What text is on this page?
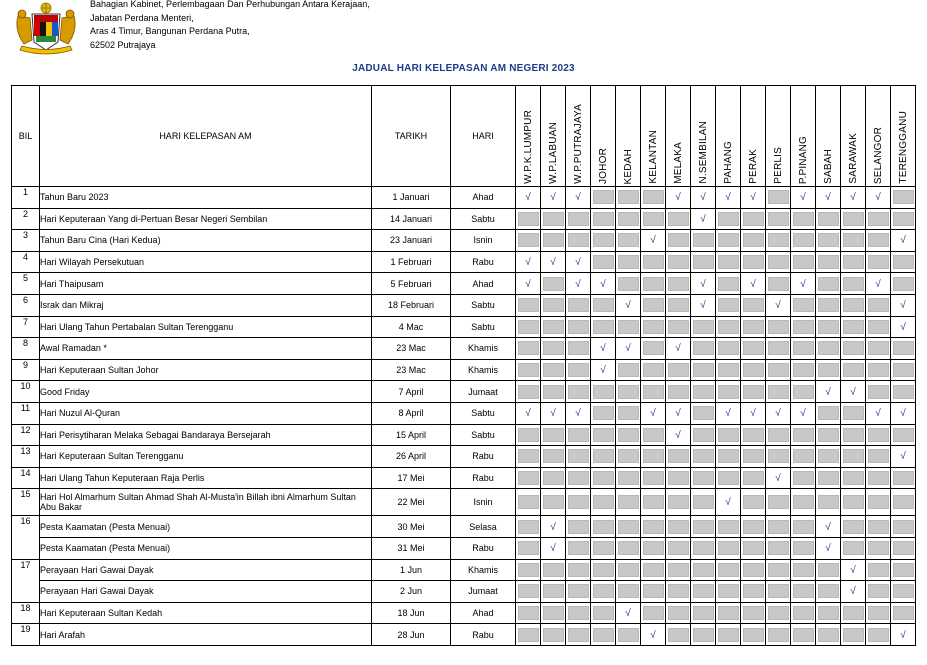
Bahagian Kabinet, Perlembagaan Dan Perhubungan Antara Kerajaan,
Jabatan Perdana Menteri,
Aras 4 Timur, Bangunan Perdana Putra,
62502 Putrajaya
JADUAL HARI KELEPASAN AM NEGERI 2023
BIL	HARI KELEPASAN AM	TARIKH	HARI	W.P.K.LUMPUR	W.P.LABUAN	W.P.PUTRAJAYA	JOHOR	KEDAH	KELANTAN	MELAKA	N.SEMBILAN	PAHANG	PERAK	PERLIS	P.PINANG	SABAH	SARAWAK	SELANGOR	TERENGGANU
1	Tahun Baru 2023	1 Januari	Ahad	√	√	√				√	√	√	√		√	√	√	√	

2	Hari Keputeraan Yang di-Pertuan Besar Negeri Sembilan	14 Januari	Sabtu								√								

3	Tahun Baru Cina (Hari Kedua)	23 Januari	Isnin						√										√

4	Hari Wilayah Persekutuan	1 Februari	Rabu	√	√	√													

5	Hari Thaipusam	5 Februari	Ahad	√		√	√				√		√		√			√	

6	Israk dan Mikraj	18 Februari	Sabtu					√			√			√					√

7	Hari Ulang Tahun Pertabalan Sultan Terengganu	4 Mac	Sabtu																√

8	Awal Ramadan *	23 Mac	Khamis				√	√		√									

9	Hari Keputeraan Sultan Johor	23 Mac	Khamis				√												

10	Good Friday	7 April	Jumaat													√	√		

11	Hari Nuzul Al-Quran	8 April	Sabtu	√	√	√			√	√		√	√	√	√			√	√

12	Hari Perisytiharan Melaka Sebagai Bandaraya Bersejarah	15 April	Sabtu							√									

13	Hari Keputeraan Sultan Terengganu	26 April	Rabu																√

14	Hari Ulang Tahun Keputeraan Raja Perlis	17 Mei	Rabu											√					

15	Hari Hol Almarhum Sultan Ahmad Shah Al-Musta'in Billah ibni Almarhum Sultan Abu Bakar	22 Mei	Isnin									√							

16	Pesta Kaamatan (Pesta Menuai)	30 Mei	Selasa		√											√			

	Pesta Kaamatan (Pesta Menuai)	31 Mei	Rabu		√											√			

17	Perayaan Hari Gawai Dayak	1 Jun	Khamis														√		

	Perayaan Hari Gawai Dayak	2 Jun	Jumaat														√		

18	Hari Keputeraan Sultan Kedah	18 Jun	Ahad					√											

19	Hari Arafah	28 Jun	Rabu						√										√
